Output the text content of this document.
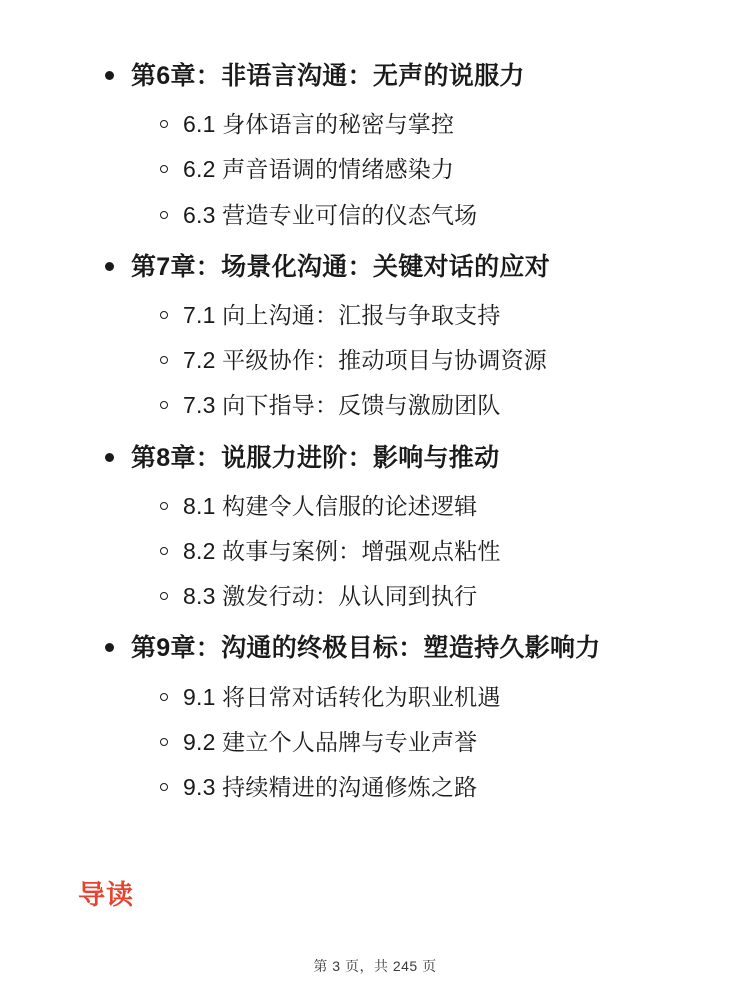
第6章：非语言沟通：无声的说服力
6.1 身体语言的秘密与掌控
6.2 声音语调的情绪感染力
6.3 营造专业可信的仪态气场
第7章：场景化沟通：关键对话的应对
7.1 向上沟通：汇报与争取支持
7.2 平级协作：推动项目与协调资源
7.3 向下指导：反馈与激励团队
第8章：说服力进阶：影响与推动
8.1 构建令人信服的论述逻辑
8.2 故事与案例：增强观点粘性
8.3 激发行动：从认同到执行
第9章：沟通的终极目标：塑造持久影响力
9.1 将日常对话转化为职业机遇
9.2 建立个人品牌与专业声誉
9.3 持续精进的沟通修炼之路
导读
第 3 页，共 245 页
